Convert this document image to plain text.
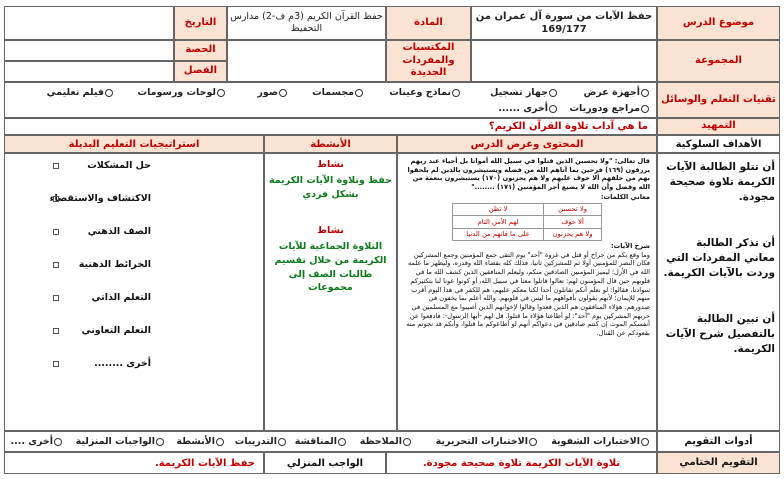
موضوع الدرس
حفظ الآيات من سورة آل عمران من 169/177
المادة
حفظ القرآن الكريم (3م ف-2) مدارس التحفيظ
التاريخ
المجموعة
المكتسبات والمفردات الجديدة
الحصة
الفصل
تقنيات التعلم والوسائل
أجهزة عرض
جهاز تسجيل
نماذج وعينات
مجسمات
صور
لوحات ورسومات
فيلم تعليمي
مراجع ودوريات
أخرى ......
التمهيد
ما هي آداب تلاوة القرآن الكريم؟
الأهداف السلوكية
المحتوى وعرض الدرس
الأنشطة
استراتيجيات التعليم البديلة
أن تتلو الطالبة الآيات الكريمة تلاوة صحيحة مجودة.
أن تذكر الطالبة معاني المفردات التي وردت بالآيات الكريمة.
أن تبين الطالبة بالتفصيل شرح الآيات الكريمة.
قال تعالى: "ولا تحسبن الذين قتلوا في سبيل الله أمواتا بل أحياء عند ربهم يرزقون (١٦٩) فرحين بما آتاهم الله من فضله ويستبشرون بالذين لم يلحقوا بهم من خلفهم ألا خوف عليهم ولا هم يحزنون (١٧٠) يستبشرون بنعمة من الله وفضل وأن الله لا يضيع أجر المؤمنين (١٧١) ........"
معاني الكلمات:
ولا تحسبن	لا تظن
ألا خوف	لهم الأمن التام
ولا هم يحزنون	على ما فاتهم من الدنيا
شرح الآيات:
وما وقع بكم من جراح أو قتل في غزوة "أحد" يوم التقى جمع المؤمنين وجمع المشركين فكان النصر للمؤمنين أولا ثم للمشركين ثانيا، فذلك كله بقضاء الله وقدره، وليظهر ما علمه الله في الأزل؛ ليميز المؤمنين الصادقين منكم، وليعلم المنافقين الذين كشف الله ما في قلوبهم حين قال المؤمنون لهم: تعالوا قاتلوا معنا في سبيل الله، أو كونوا عونا لنا بتكثيركم سوادنا، فقالوا: لو نعلم أنكم تقاتلون أحدا لكنا معكم عليهم، هم للكفر في هذا اليوم أقرب منهم للإيمان؛ لأنهم يقولون بأفواههم ما ليس في قلوبهم. والله أعلم بما يخفون في صدورهم. هؤلاء المنافقون هم الذين قعدوا وقالوا لإخوانهم الذين أصيبوا مع المسلمين في حربهم المشركين يوم "أحد": لو أطاعنا هؤلاء ما قتلوا. قل لهم -أيها الرسول-: فادفعوا عن أنفسكم الموت إن كنتم صادقين في دعواكم أنهم لو أطاعوكم ما قتلوا، وأنكم قد نجوتم منه بقعودكم عن القتال.
نشاط
حفظ وتلاوة الآيات الكريمة بشكل فردي
نشاط
التلاوة الجماعية للآيات الكريمة من خلال تقسيم طالبات الصف إلى مجموعات
حل المشكلات
الاكتشاف والاستقصاء
الصف الذهني
الخرائط الذهنية
التعلم الذاتي
التعلم التعاوني
أخرى ........
أدوات التقويم
الاختبارات الشفوية
الاختبارات التحريرية
الملاحظة
المناقشة
التدريبات
الأنشطة
الواجبات المنزلية
أخرى ....
التقويم الختامي
تلاوة الآيات الكريمة تلاوة صحيحة مجودة.
الواجب المنزلي
حفظ الآيات الكريمة.
